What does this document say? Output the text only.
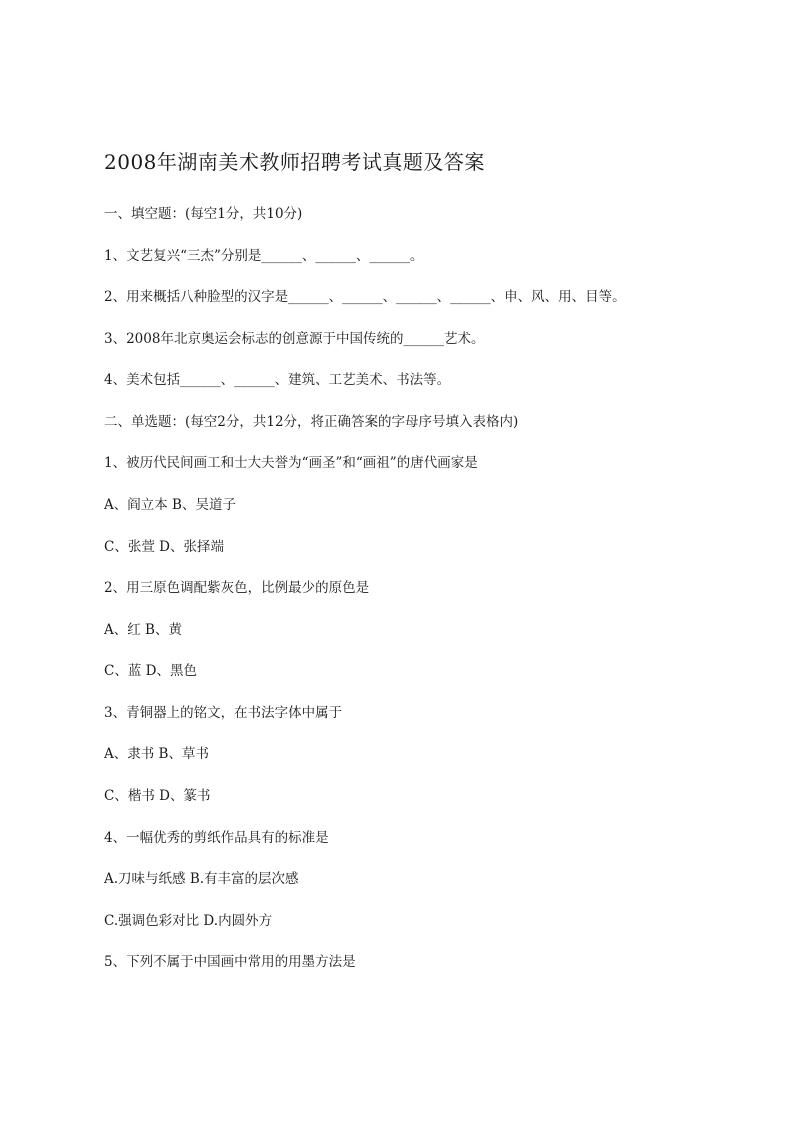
2008年湖南美术教师招聘考试真题及答案
一、填空题：(每空1分，共10分)
1、文艺复兴“三杰”分别是______、______、______。
2、用来概括八种脸型的汉字是______、______、______、______、申、风、用、目等。
3、2008年北京奥运会标志的创意源于中国传统的______艺术。
4、美术包括______、______、建筑、工艺美术、书法等。
二、单选题：(每空2分，共12分，将正确答案的字母序号填入表格内)
1、被历代民间画工和士大夫誉为“画圣”和“画祖”的唐代画家是
A、阎立本 B、吴道子
C、张萱 D、张择端
2、用三原色调配紫灰色，比例最少的原色是
A、红 B、黄
C、蓝 D、黑色
3、青铜器上的铭文，在书法字体中属于
A、隶书 B、草书
C、楷书 D、篆书
4、一幅优秀的剪纸作品具有的标准是
A.刀味与纸感 B.有丰富的层次感
C.强调色彩对比 D.内圆外方
5、下列不属于中国画中常用的用墨方法是
